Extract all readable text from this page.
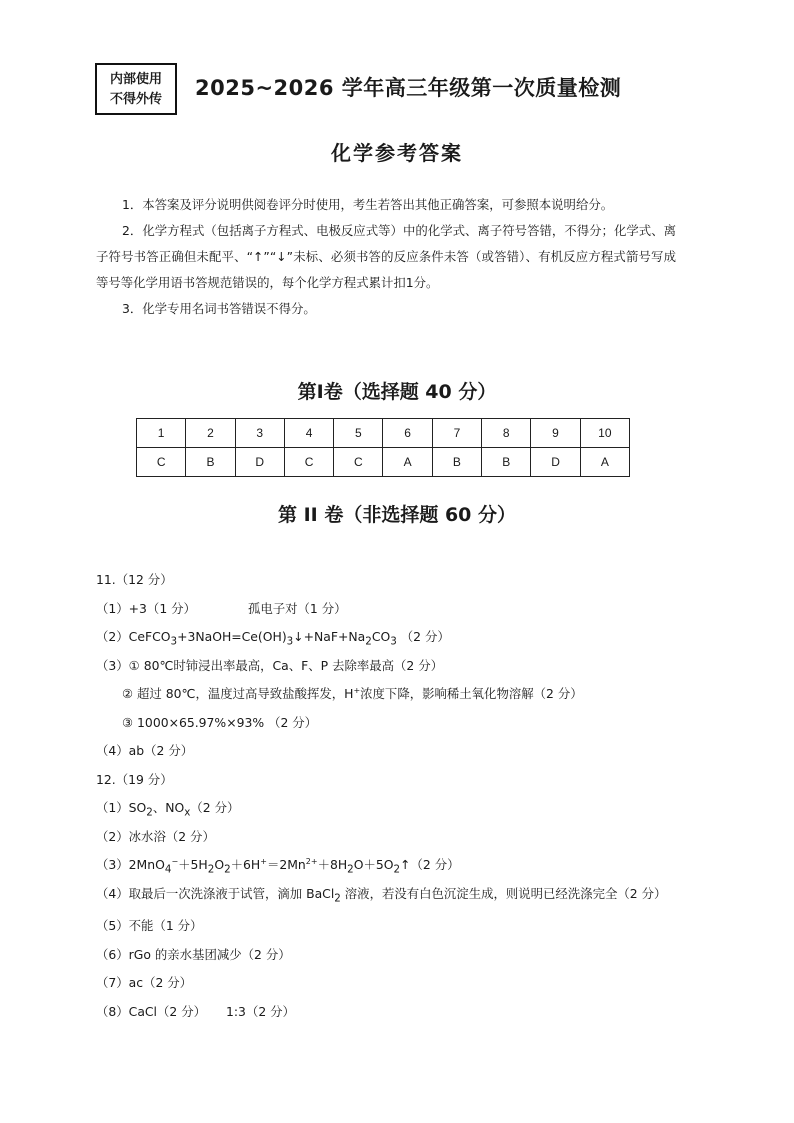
内部使用
不得外传	2025~2026 学年高三年级第一次质量检测
化学参考答案

1．本答案及评分说明供阅卷评分时使用，考生若答出其他正确答案，可参照本说明给分。

2．化学方程式（包括离子方程式、电极反应式等）中的化学式、离子符号答错，不得分；化学式、离子符号书答正确但未配平、“↑”“↓”未标、必须书答的反应条件未答（或答错）、有机反应方程式箭号写成等号等化学用语书答规范错误的，每个化学方程式累计扣1分。

3．化学专用名词书答错误不得分。

第I卷（选择题 40 分）
1	2	3	4	5	6	7	8	9	10
C	B	D	C	C	A	B	B	D	A
第 II 卷（非选择题 60 分）
11.（12 分）
（1）+3（1 分）	孤电子对（1 分）
$(2)CeFCO_3+3NaOH=Ce(OH)_3↓+NaF+Na_2CO_3$ （2 分）
（3）① 80℃时铈浸出率最高，Ca、F、P 去除率最高（2 分）
② 超过 80℃，温度过高导致盐酸挥发，H+浓度下降，影响稀土氧化物溶解（2 分）
③ 1000×65.97%×93% （2 分）
（4）ab（2 分）
12.（19 分）
$(1)SO_2$、$NO_x(2$ 分）
（2）冰水浴（2 分）
$(3)2MnO_4^-+5H_2O_2+6H^+=2Mn^{2+}+8H_2O+5O_2↑(2$ 分）
（4）取最后一次洗涤液于试管，滴加 BaCl$_2$ 溶液，若没有白色沉淀生成，则说明已经洗涤完全（2 分）
（5）不能（1 分）
（6）rGo 的亲水基团减少（2 分）
（7）ac（2 分）
（8）CaCl（2 分） 1:3（2 分）
